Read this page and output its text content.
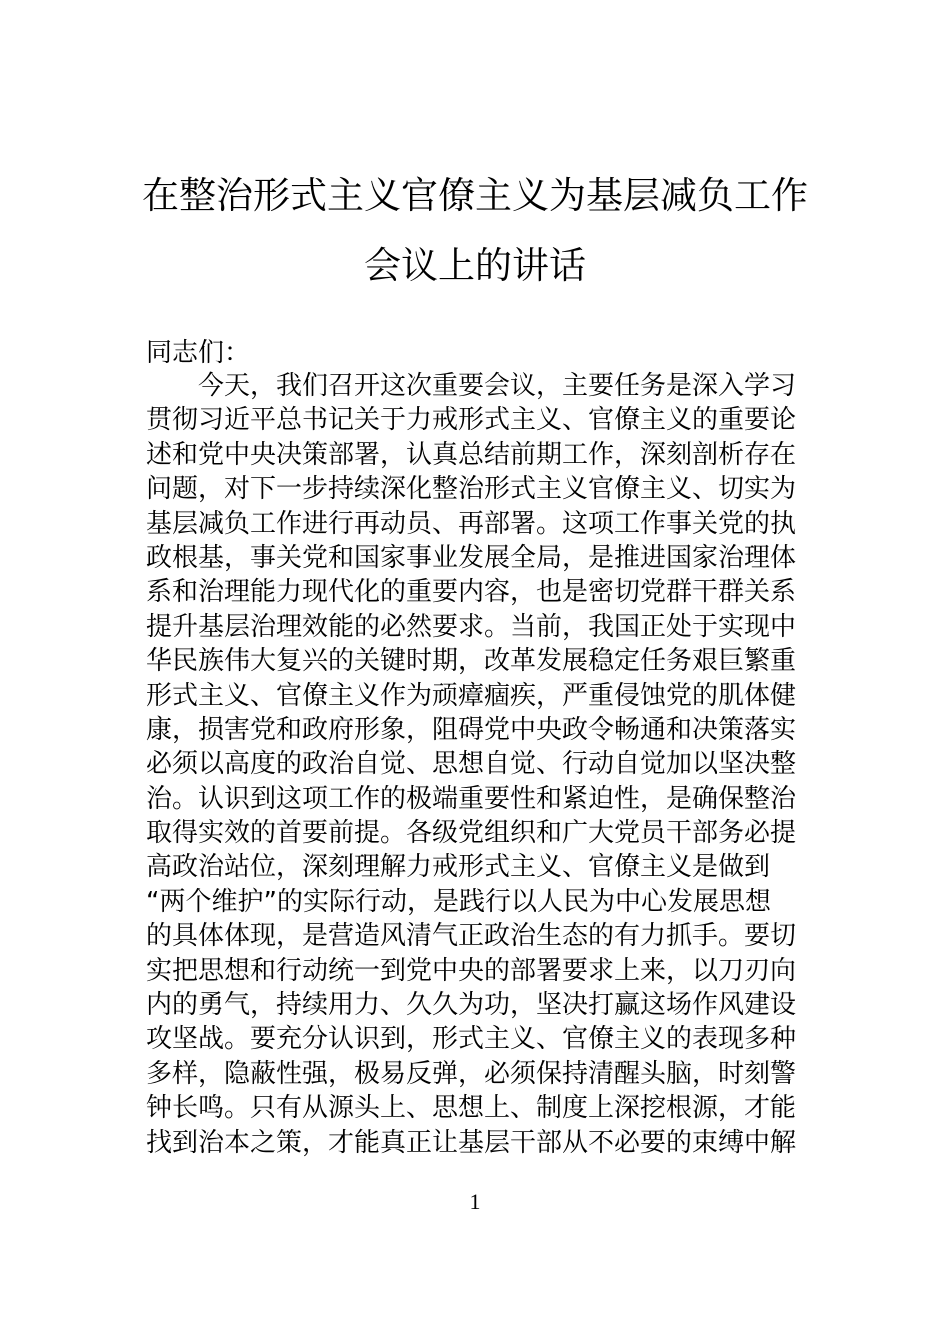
在整治形式主义官僚主义为基层减负工作
会议上的讲话
同志们：
今天，我们召开这次重要会议，主要任务是深入学习
贯彻习近平总书记关于力戒形式主义、官僚主义的重要论
述和党中央决策部署，认真总结前期工作，深刻剖析存在
问题，对下一步持续深化整治形式主义官僚主义、切实为
基层减负工作进行再动员、再部署。这项工作事关党的执
政根基，事关党和国家事业发展全局，是推进国家治理体
系和治理能力现代化的重要内容，也是密切党群干群关系
提升基层治理效能的必然要求。当前，我国正处于实现中
华民族伟大复兴的关键时期，改革发展稳定任务艰巨繁重
形式主义、官僚主义作为顽瘴痼疾，严重侵蚀党的肌体健
康，损害党和政府形象，阻碍党中央政令畅通和决策落实
必须以高度的政治自觉、思想自觉、行动自觉加以坚决整
治。认识到这项工作的极端重要性和紧迫性，是确保整治
取得实效的首要前提。各级党组织和广大党员干部务必提
高政治站位，深刻理解力戒形式主义、官僚主义是做到
“两个维护”的实际行动，是践行以人民为中心发展思想
的具体体现，是营造风清气正政治生态的有力抓手。要切
实把思想和行动统一到党中央的部署要求上来，以刀刃向
内的勇气，持续用力、久久为功，坚决打赢这场作风建设
攻坚战。要充分认识到，形式主义、官僚主义的表现多种
多样，隐蔽性强，极易反弹，必须保持清醒头脑，时刻警
钟长鸣。只有从源头上、思想上、制度上深挖根源，才能
找到治本之策，才能真正让基层干部从不必要的束缚中解
1
